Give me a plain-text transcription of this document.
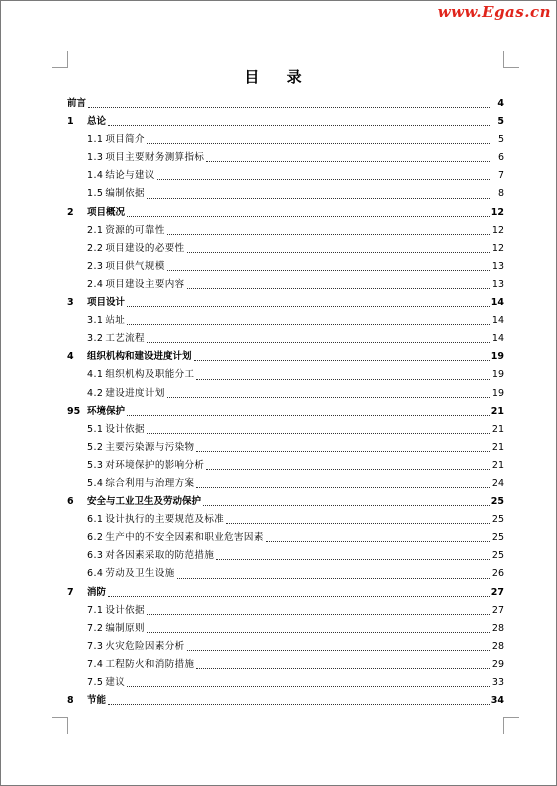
www.Egas.cn
目 录
前言	4
1 总论	5
1.1 项目简介	5
1.3 项目主要财务测算指标	6
1.4 结论与建议	7
1.5 编制依据	8
2 项目概况	12
2.1 资源的可靠性	12
2.2 项目建设的必要性	12
2.3 项目供气规模	13
2.4 项目建设主要内容	13
3 项目设计	14
3.1 站址	14
3.2 工艺流程	14
4 组织机构和建设进度计划	19
4.1 组织机构及职能分工	19
4.2 建设进度计划	19
95 环境保护	21
5.1 设计依据	21
5.2 主要污染源与污染物	21
5.3 对环境保护的影响分析	21
5.4 综合利用与治理方案	24
6 安全与工业卫生及劳动保护	25
6.1 设计执行的主要规范及标准	25
6.2 生产中的不安全因素和职业危害因素	25
6.3 对各因素采取的防范措施	25
6.4 劳动及卫生设施	26
7 消防	27
7.1 设计依据	27
7.2 编制原则	28
7.3 火灾危险因素分析	28
7.4 工程防火和消防措施	29
7.5 建议	33
8 节能	34
